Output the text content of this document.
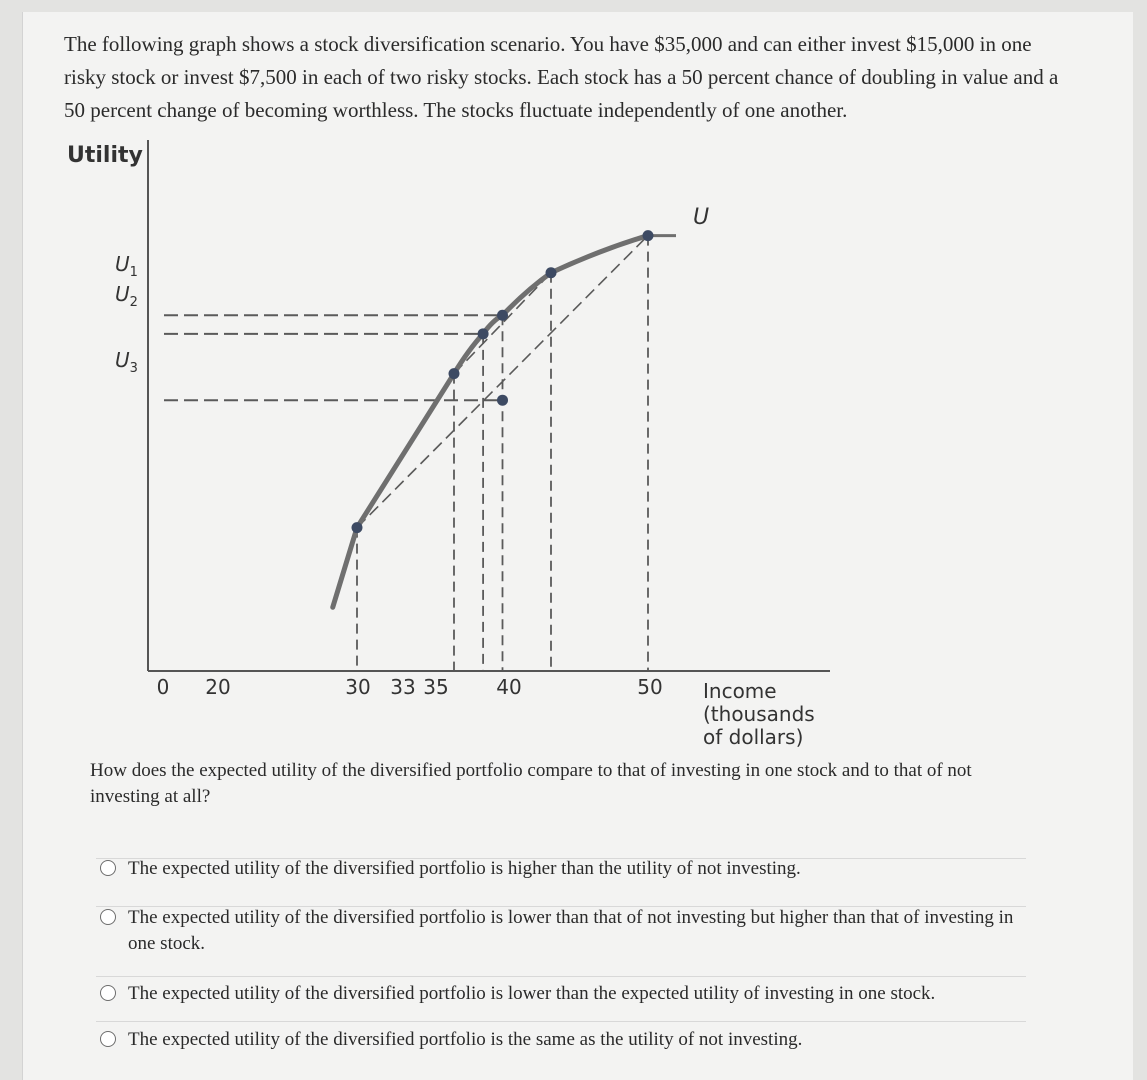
The following graph shows a stock diversification scenario. You have $35,000 and can either invest $15,000 in one risky stock or invest $7,500 in each of two risky stocks. Each stock has a 50 percent chance of doubling in value and a 50 percent change of becoming worthless. The stocks fluctuate independently of one another.

Utility
$U_1$
$U_2$
$U_3$
0 20	30 33 35 40	50 Income (thousands of dollars)
U

How does the expected utility of the diversified portfolio compare to that of investing in one stock and to that of not investing at all?

The expected utility of the diversified portfolio is higher than the utility of not investing.
The expected utility of the diversified portfolio is lower than that of not investing but higher than that of investing in one stock.
The expected utility of the diversified portfolio is lower than the expected utility of investing in one stock.
The expected utility of the diversified portfolio is the same as the utility of not investing.
